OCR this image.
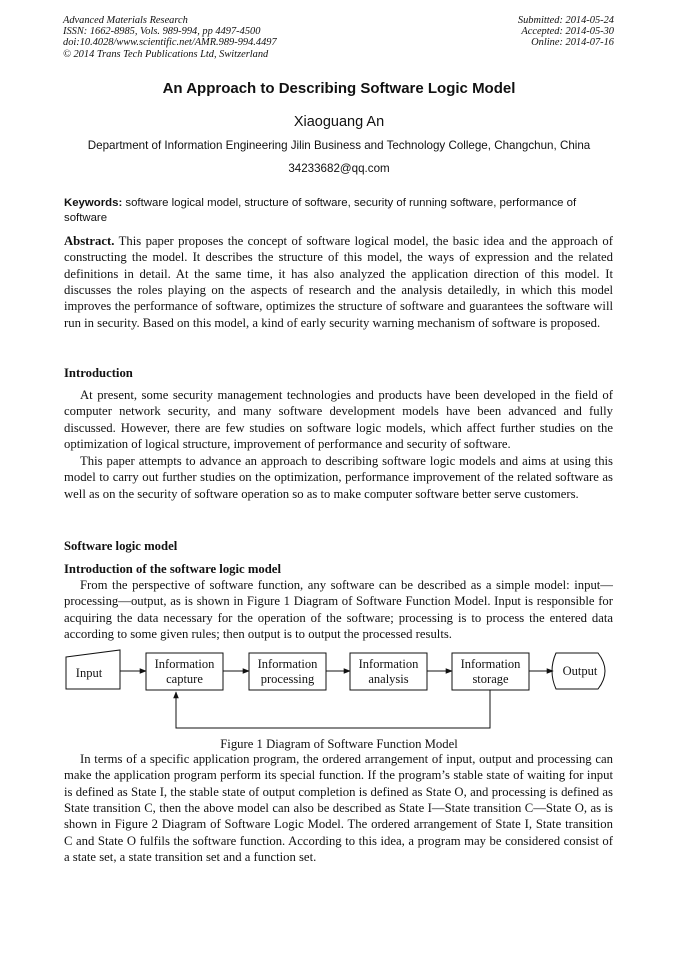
Advanced Materials Research
ISSN: 1662-8985, Vols. 989-994, pp 4497-4500
doi:10.4028/www.scientific.net/AMR.989-994.4497
© 2014 Trans Tech Publications Ltd, Switzerland
Submitted: 2014-05-24
Accepted: 2014-05-30
Online: 2014-07-16
An Approach to Describing Software Logic Model
Xiaoguang An
Department of Information Engineering Jilin Business and Technology College, Changchun, China
34233682@qq.com
Keywords: software logical model, structure of software, security of running software, performance of software
Abstract. This paper proposes the concept of software logical model, the basic idea and the approach of constructing the model. It describes the structure of this model, the ways of expression and the related definitions in detail. At the same time, it has also analyzed the application direction of this model. It discusses the roles playing on the aspects of research and the analysis detailedly, in which this model improves the performance of software, optimizes the structure of software and guarantees the software will run in security. Based on this model, a kind of early security warning mechanism of software is proposed.
Introduction
At present, some security management technologies and products have been developed in the field of computer network security, and many software development models have been advanced and fully discussed. However, there are few studies on software logic models, which affect further studies on the optimization of logical structure, improvement of performance and security of software.
This paper attempts to advance an approach to describing software logic models and aims at using this model to carry out further studies on the optimization, performance improvement of the related software as well as on the security of software operation so as to make computer software better serve customers.
Software logic model
Introduction of the software logic model
From the perspective of software function, any software can be described as a simple model: input—processing—output, as is shown in Figure 1 Diagram of Software Function Model. Input is responsible for acquiring the data necessary for the operation of the software; processing is to process the entered data according to some given rules; then output is to output the processed results.
Input
Information
capture
Information
processing
Information
analysis
Information
storage
Output
Figure 1 Diagram of Software Function Model
In terms of a specific application program, the ordered arrangement of input, output and processing can make the application program perform its special function. If the program’s stable state of waiting for input is defined as State I, the stable state of output completion is defined as State O, and processing is defined as State transition C, then the above model can also be described as State I—State transition C—State O, as is shown in Figure 2 Diagram of Software Logic Model. The ordered arrangement of State I, State transition C and State O fulfils the software function. According to this idea, a program may be considered consist of a state set, a state transition set and a function set.
